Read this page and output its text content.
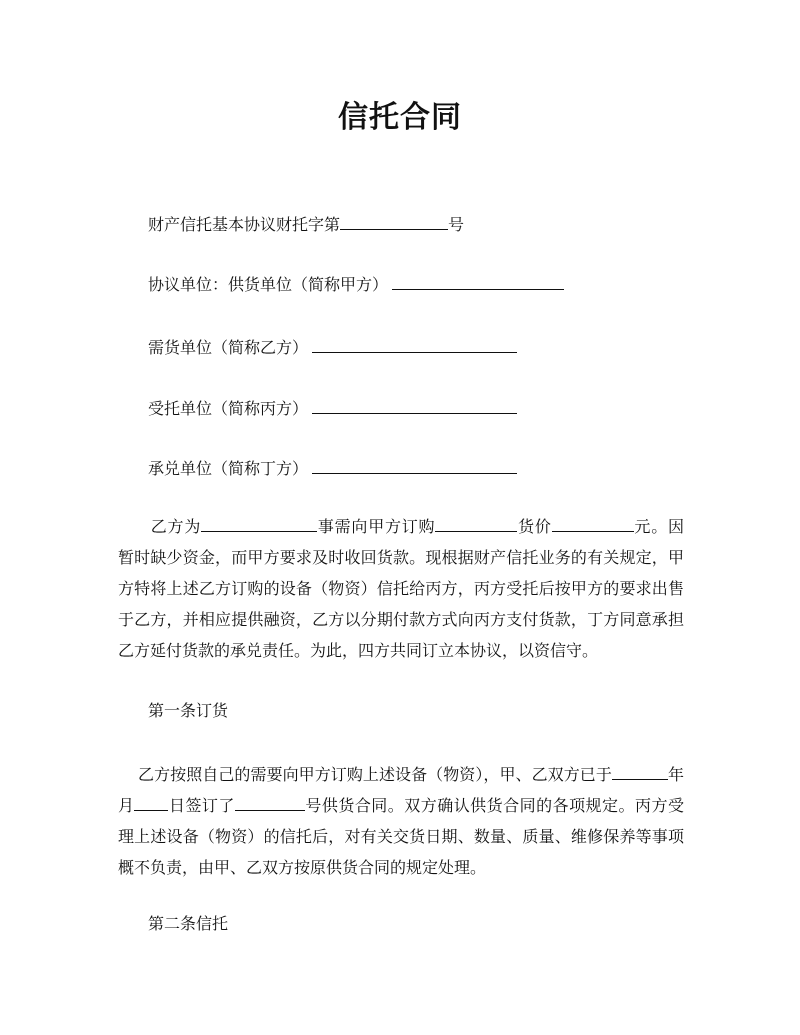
信托合同
财产信托基本协议财托字第	号
协议单位：供货单位（简称甲方）
需货单位（简称乙方）
受托单位（简称丙方）
承兑单位（简称丁方）
乙方为	事需向甲方订购	货价	元。因暂时缺少资金，而甲方要求及时收回货款。现根据财产信托业务的有关规定，甲方特将上述乙方订购的设备（物资）信托给丙方，丙方受托后按甲方的要求出售于乙方，并相应提供融资，乙方以分期付款方式向丙方支付货款，丁方同意承担乙方延付货款的承兑责任。为此，四方共同订立本协议，以资信守。
第一条订货
乙方按照自己的需要向甲方订购上述设备（物资），甲、乙双方已于	年月 日签订了	号供货合同。双方确认供货合同的各项规定。丙方受理上述设备（物资）的信托后，对有关交货日期、数量、质量、维修保养等事项概不负责，由甲、乙双方按原供货合同的规定处理。
第二条信托
